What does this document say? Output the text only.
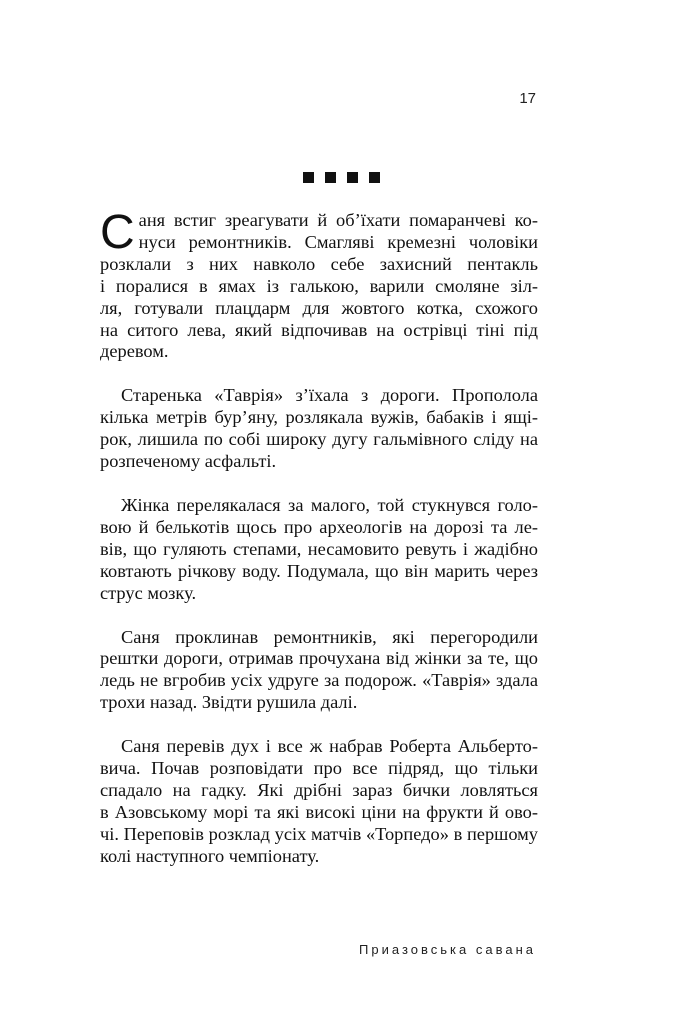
17
С аня встиг зреагувати й об’їхати помаранчеві ко-
нуси ремонтників. Смагляві кремезні чоловіки
розклали з них навколо себе захисний пентакль
і поралися в ямах із галькою, варили смоляне зіл-
ля, готували плацдарм для жовтого котка, схожого
на ситого лева, який відпочивав на острівці тіні під
деревом.
Старенька «Таврія» з’їхала з дороги. Прополола
кілька метрів бур’яну, розлякала вужів, бабаків і ящі-
рок, лишила по собі широку дугу гальмівного сліду на
розпеченому асфальті.
Жінка перелякалася за малого, той стукнувся голо-
вою й белькотів щось про археологів на дорозі та ле-
вів, що гуляють степами, несамовито ревуть і жадібно
ковтають річкову воду. Подумала, що він марить через
струс мозку.
Саня проклинав ремонтників, які перегородили
рештки дороги, отримав прочухана від жінки за те, що
ледь не вгробив усіх удруге за подорож. «Таврія» здала
трохи назад. Звідти рушила далі.
Саня перевів дух і все ж набрав Роберта Альберто-
вича. Почав розповідати про все підряд, що тільки
спадало на гадку. Які дрібні зараз бички ловляться
в Азовському морі та які високі ціни на фрукти й ово-
чі. Переповів розклад усіх матчів «Торпедо» в першому
колі наступного чемпіонату.
Приазовська савана
